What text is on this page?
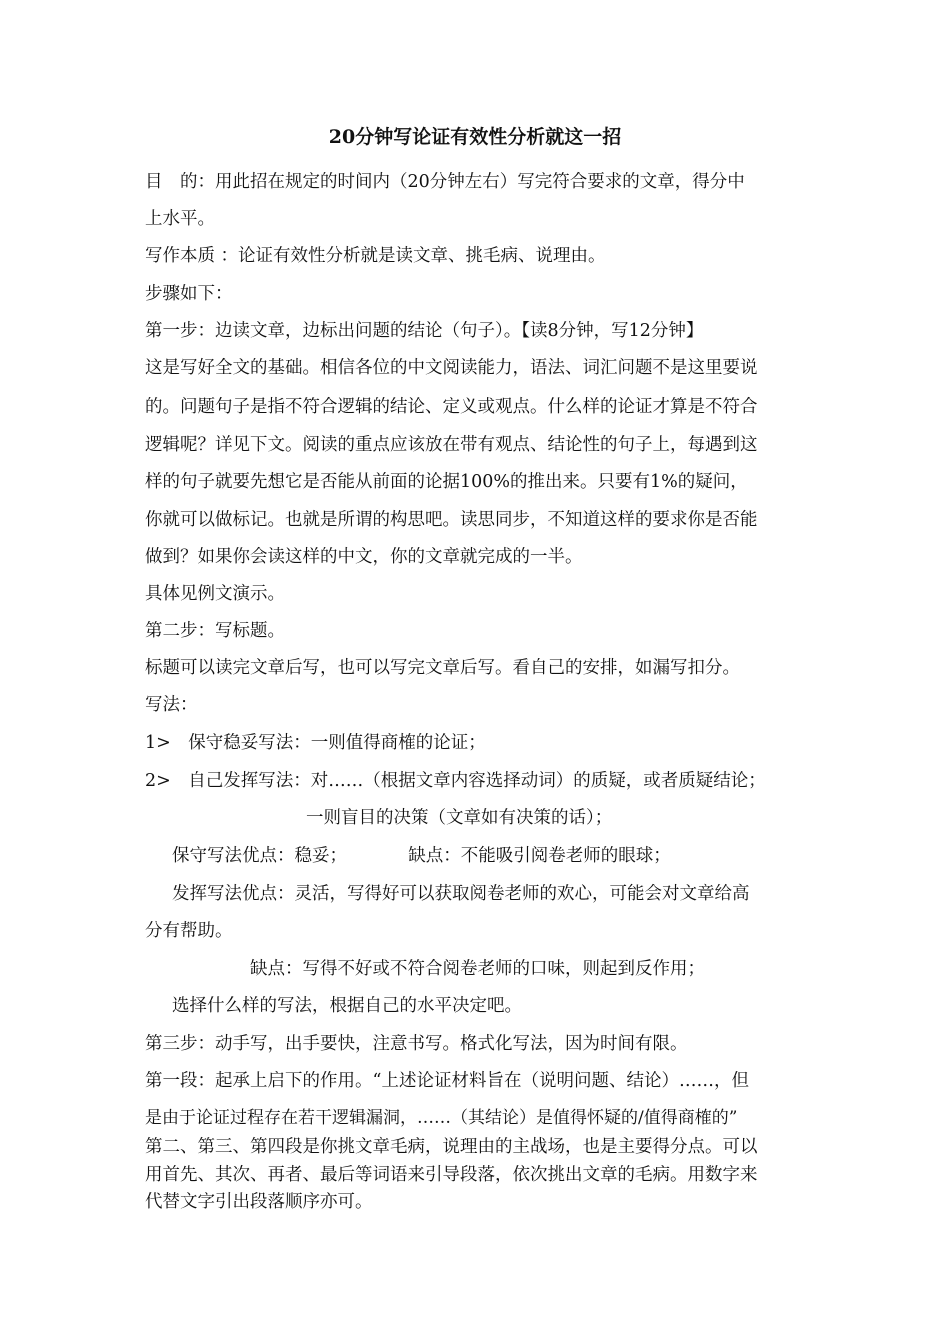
20分钟写论证有效性分析就这一招
目　的：用此招在规定的时间内（20分钟左右）写完符合要求的文章，得分中
上水平。
写作本质 ：论证有效性分析就是读文章、挑毛病、说理由。
步骤如下：
第一步：边读文章，边标出问题的结论（句子）。【读8分钟，写12分钟】
这是写好全文的基础。相信各位的中文阅读能力，语法、词汇问题不是这里要说
的。问题句子是指不符合逻辑的结论、定义或观点。什么样的论证才算是不符合
逻辑呢？详见下文。阅读的重点应该放在带有观点、结论性的句子上，每遇到这
样的句子就要先想它是否能从前面的论据100%的推出来。只要有1%的疑问，
你就可以做标记。也就是所谓的构思吧。读思同步，不知道这样的要求你是否能
做到？如果你会读这样的中文，你的文章就完成的一半。
具体见例文演示。
第二步：写标题。
标题可以读完文章后写，也可以写完文章后写。看自己的安排，如漏写扣分。
写法：
1>　保守稳妥写法：一则值得商榷的论证；
2>　自己发挥写法：对……（根据文章内容选择动词）的质疑，或者质疑结论；
一则盲目的决策（文章如有决策的话）；
保守写法优点：稳妥；　　　　缺点：不能吸引阅卷老师的眼球；
发挥写法优点：灵活，写得好可以获取阅卷老师的欢心，可能会对文章给高
分有帮助。
缺点：写得不好或不符合阅卷老师的口味，则起到反作用；
选择什么样的写法，根据自己的水平决定吧。
第三步：动手写，出手要快，注意书写。格式化写法，因为时间有限。
第一段：起承上启下的作用。“上述论证材料旨在（说明问题、结论）……，但
是由于论证过程存在若干逻辑漏洞，……（其结论）是值得怀疑的/值得商榷的”
第二、第三、第四段是你挑文章毛病，说理由的主战场，也是主要得分点。可以
用首先、其次、再者、最后等词语来引导段落，依次挑出文章的毛病。用数字来
代替文字引出段落顺序亦可。
